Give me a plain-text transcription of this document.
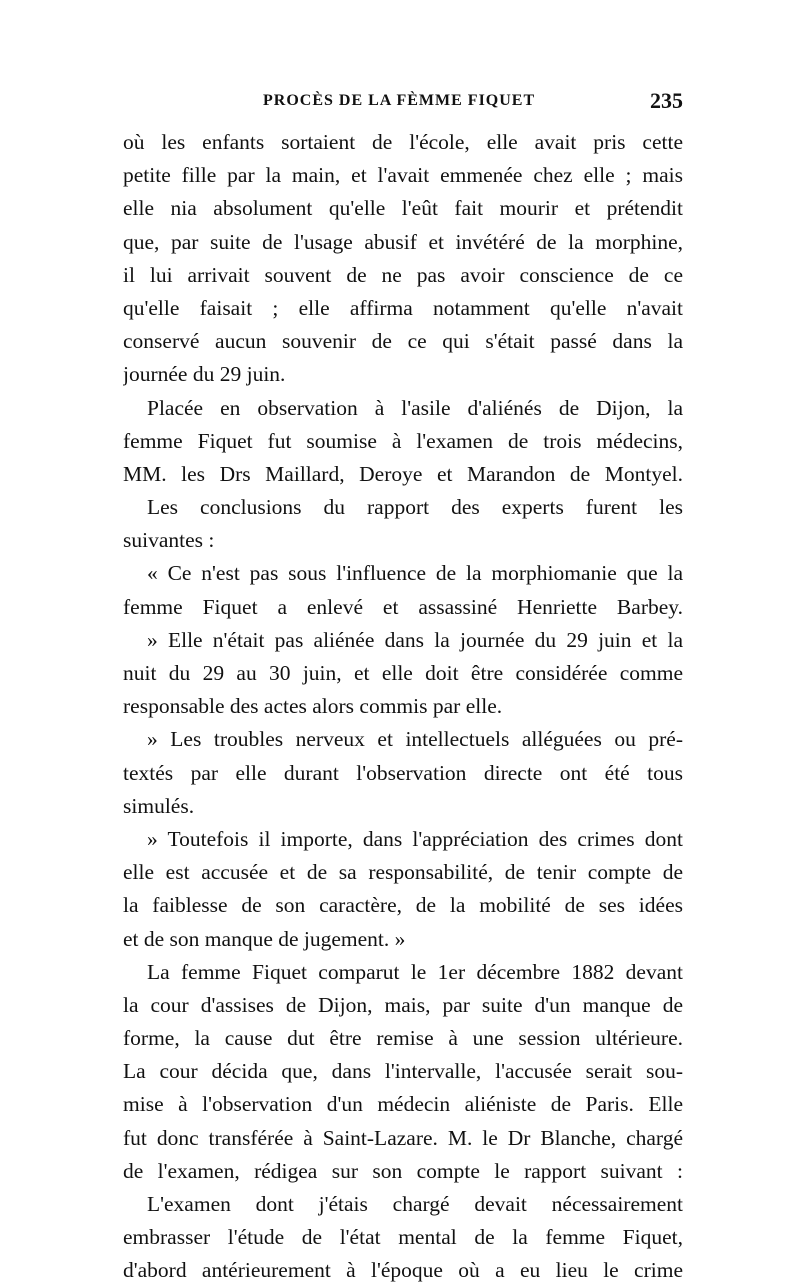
PROCÈS DE LA FÈMME FIQUET	235
où les enfants sortaient de l'école, elle avait pris cette
petite fille par la main, et l'avait emmenée chez elle ; mais
elle nia absolument qu'elle l'eût fait mourir et prétendit
que, par suite de l'usage abusif et invétéré de la morphine,
il lui arrivait souvent de ne pas avoir conscience de ce
qu'elle faisait ; elle affirma notamment qu'elle n'avait
conservé aucun souvenir de ce qui s'était passé dans la
journée du 29 juin.
Placée en observation à l'asile d'aliénés de Dijon, la
femme Fiquet fut soumise à l'examen de trois médecins,
MM. les Drs Maillard, Deroye et Marandon de Montyel.
Les conclusions du rapport des experts furent les
suivantes :
« Ce n'est pas sous l'influence de la morphiomanie que la
femme Fiquet a enlevé et assassiné Henriette Barbey.
» Elle n'était pas aliénée dans la journée du 29 juin et la
nuit du 29 au 30 juin, et elle doit être considérée comme
responsable des actes alors commis par elle.
» Les troubles nerveux et intellectuels alléguées ou pré-
textés par elle durant l'observation directe ont été tous
simulés.
» Toutefois il importe, dans l'appréciation des crimes dont
elle est accusée et de sa responsabilité, de tenir compte de
la faiblesse de son caractère, de la mobilité de ses idées
et de son manque de jugement. »
La femme Fiquet comparut le 1er décembre 1882 devant
la cour d'assises de Dijon, mais, par suite d'un manque de
forme, la cause dut être remise à une session ultérieure.
La cour décida que, dans l'intervalle, l'accusée serait sou-
mise à l'observation d'un médecin aliéniste de Paris. Elle
fut donc transférée à Saint-Lazare. M. le Dr Blanche, chargé
de l'examen, rédigea sur son compte le rapport suivant :
L'examen dont j'étais chargé devait nécessairement
embrasser l'étude de l'état mental de la femme Fiquet,
d'abord antérieurement à l'époque où a eu lieu le crime
